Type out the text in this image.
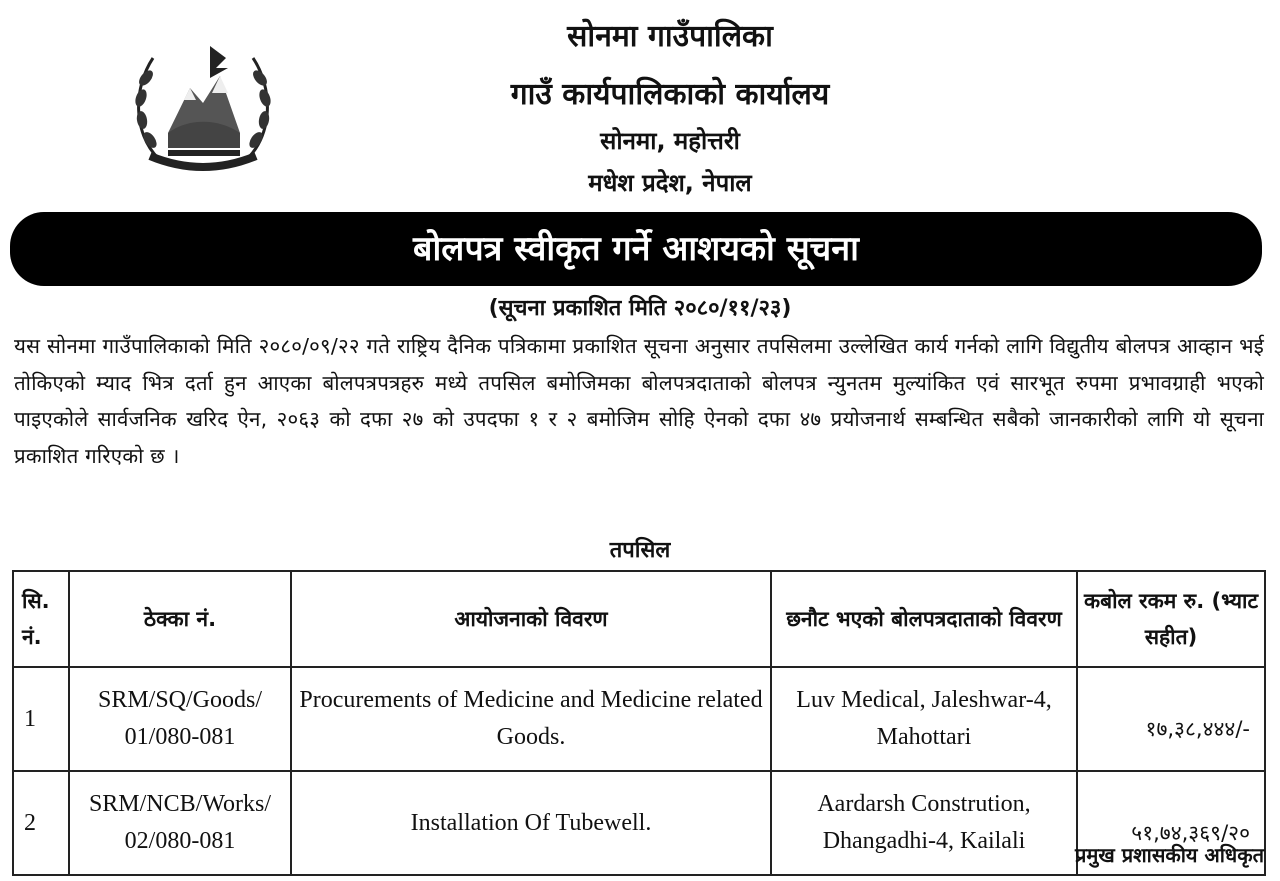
सोनमा गाउँपालिका
गाउँ कार्यपालिकाको कार्यालय
सोनमा, महोत्तरी
मधेश प्रदेश, नेपाल
बोलपत्र स्वीकृत गर्ने आशयको सूचना
(सूचना प्रकाशित मिति २०८०/११/२३)
यस सोनमा गाउँपालिकाको मिति २०८०/०९/२२ गते राष्ट्रिय दैनिक पत्रिकामा प्रकाशित सूचना अनुसार तपसिलमा उल्लेखित कार्य गर्नको लागि विद्युतीय बोलपत्र आव्हान भई तोकिएको म्याद भित्र दर्ता हुन आएका बोलपत्रपत्रहरु मध्ये तपसिल बमोजिमका बोलपत्रदाताको बोलपत्र न्युनतम मुल्यांकित एवं सारभूत रुपमा प्रभावग्राही भएको पाइएकोले सार्वजनिक खरिद ऐन, २०६३ को दफा २७ को उपदफा १ र २ बमोजिम सोहि ऐनको दफा ४७ प्रयोजनार्थ सम्बन्धित सबैको जानकारीको लागि यो सूचना प्रकाशित गरिएको छ ।
तपसिल
सि. नं.	ठेक्का नं.	आयोजनाको विवरण	छनौट भएको बोलपत्रदाताको विवरण	कबोल रकम रु. (भ्याट सहीत)
1	SRM/SQ/Goods/ 01/080-081	Procurements of Medicine and Medicine related Goods.	Luv Medical, Jaleshwar-4, Mahottari	१७,३८,४४४/-
2	SRM/NCB/Works/ 02/080-081	Installation Of Tubewell.	Aardarsh Constrution, Dhangadhi-4, Kailali	५१,७४,३६९/२०
प्रमुख प्रशासकीय अधिकृत
